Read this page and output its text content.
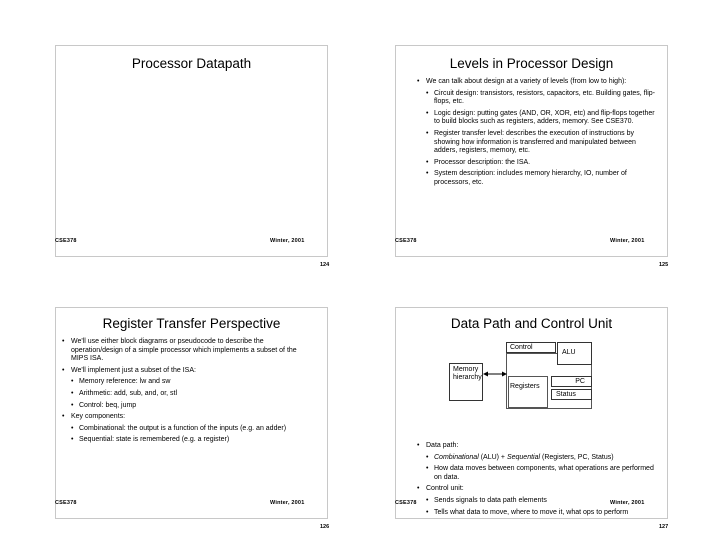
Processor Datapath
CSE378	Winter, 2001
124
Levels in Processor Design
• We can talk about design at a variety of levels (from low to high):
• Circuit design: transistors, resistors, capacitors, etc. Building gates, flip-flops, etc.
• Logic design: putting gates (AND, OR, XOR, etc) and flip-flops together to build blocks such as registers, adders, memory. See CSE370.
• Register transfer level: describes the execution of instructions by showing how information is transferred and manipulated between adders, registers, memory, etc.
• Processor description: the ISA.
• System description: includes memory hierarchy, IO, number of processors, etc.
CSE378	Winter, 2001
125
Register Transfer Perspective
• We'll use either block diagrams or pseudocode to describe the operation/design of a simple processor which implements a subset of the MIPS ISA.
• We'll implement just a subset of the ISA:
• Memory reference: lw and sw
• Arithmetic: add, sub, and, or, stl
• Control: beq, jump
• Key components:
• Combinational: the output is a function of the inputs (e.g. an adder)
• Sequential: state is remembered (e.g. a register)
CSE378	Winter, 2001
126
Data Path and Control Unit
Control
ALU
Memory hierarchy
Registers
PC
Status
• Data path:
• Combinational (ALU) + Sequential (Registers, PC, Status)
• How data moves between components, what operations are performed on data.
• Control unit:
• Sends signals to data path elements
• Tells what data to move, where to move it, what ops to perform
CSE378	Winter, 2001
127
